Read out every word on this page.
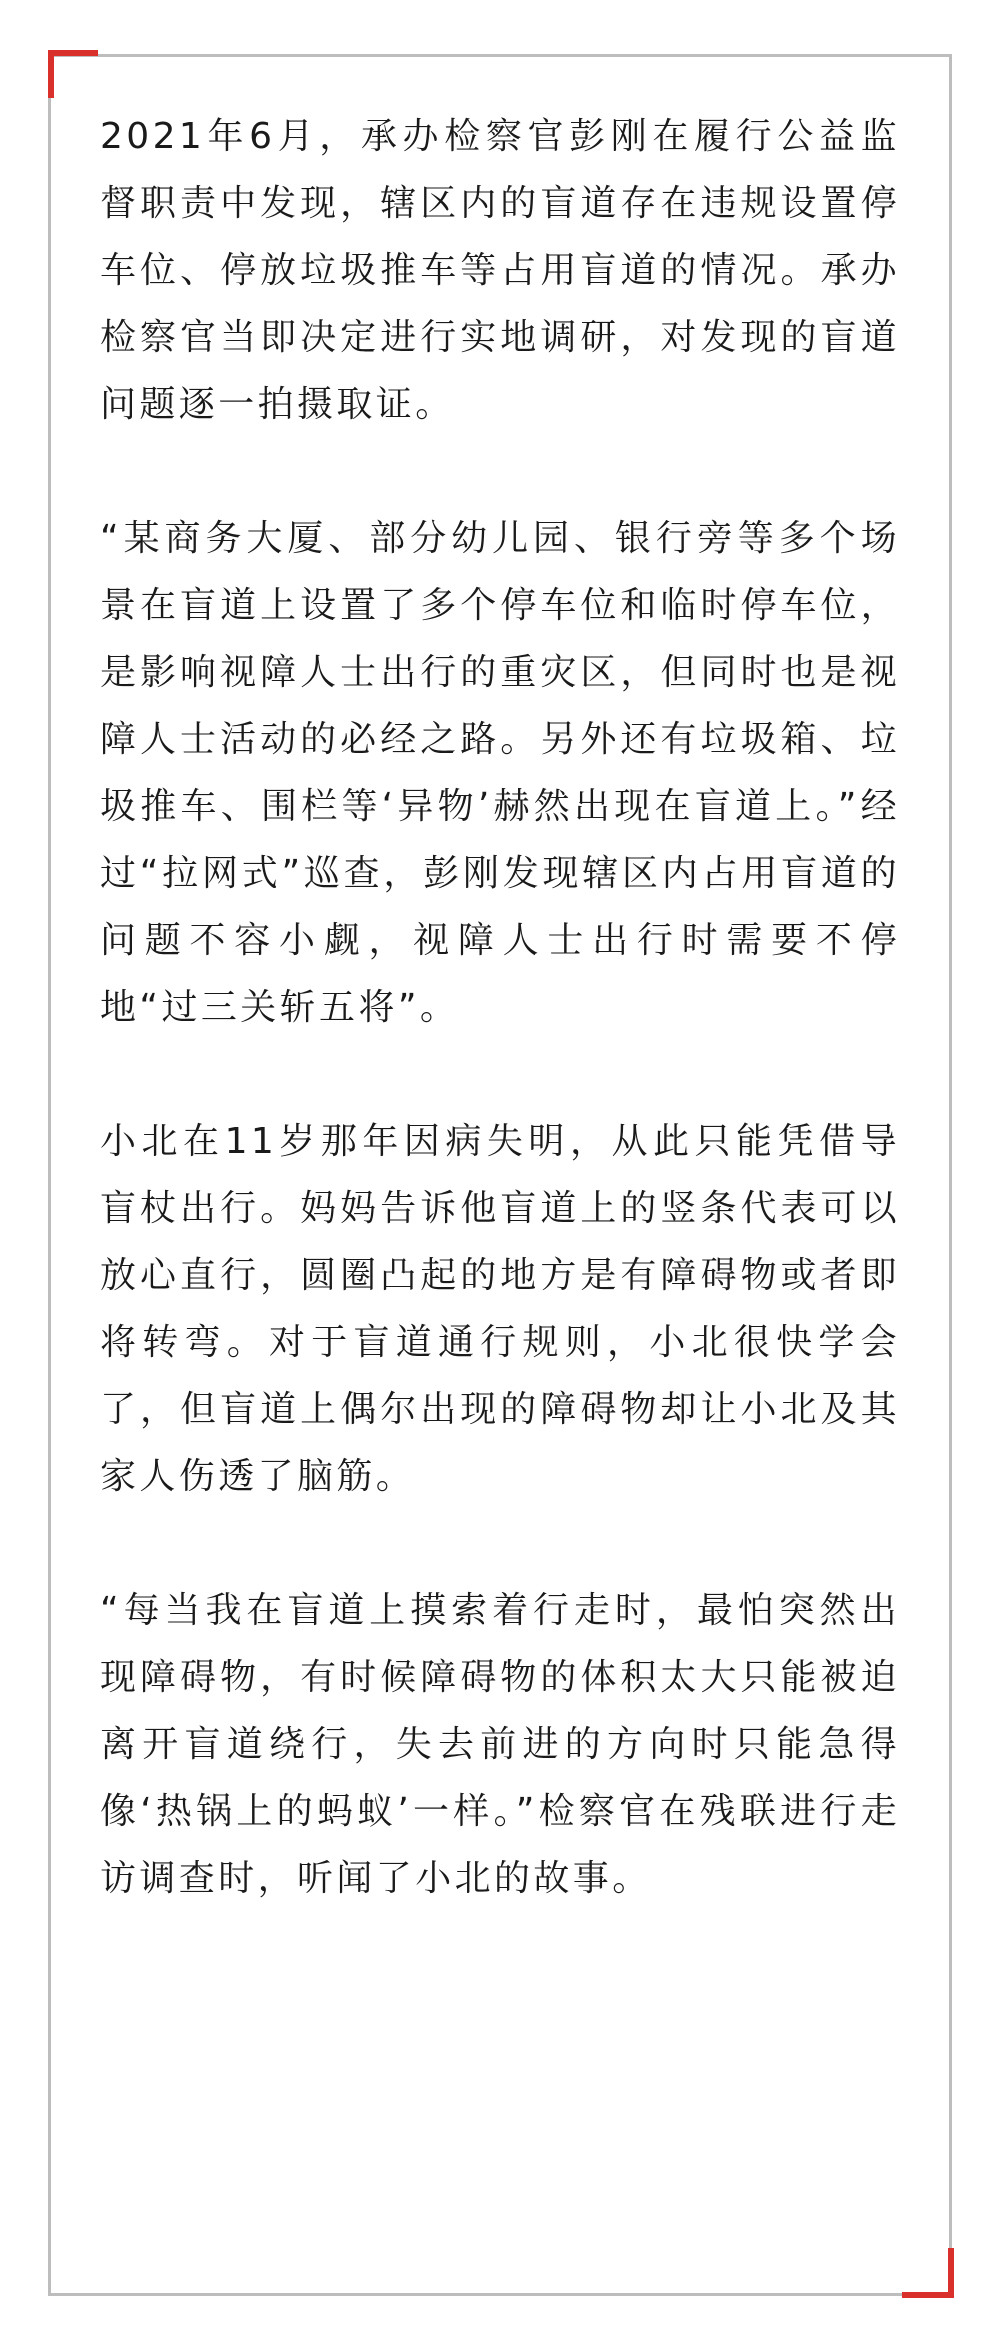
2021年6月，承办检察官彭刚在履行公益监督职责中发现，辖区内的盲道存在违规设置停车位、停放垃圾推车等占用盲道的情况。承办检察官当即决定进行实地调研，对发现的盲道问题逐一拍摄取证。

“某商务大厦、部分幼儿园、银行旁等多个场景在盲道上设置了多个停车位和临时停车位，是影响视障人士出行的重灾区，但同时也是视障人士活动的必经之路。另外还有垃圾箱、垃圾推车、围栏等‘异物’赫然出现在盲道上。”经过“拉网式”巡查，彭刚发现辖区内占用盲道的问题不容小觑，视障人士出行时需要不停地“过三关斩五将”。

小北在11岁那年因病失明，从此只能凭借导盲杖出行。妈妈告诉他盲道上的竖条代表可以放心直行，圆圈凸起的地方是有障碍物或者即将转弯。对于盲道通行规则，小北很快学会了，但盲道上偶尔出现的障碍物却让小北及其家人伤透了脑筋。

“每当我在盲道上摸索着行走时，最怕突然出现障碍物，有时候障碍物的体积太大只能被迫离开盲道绕行，失去前进的方向时只能急得像‘热锅上的蚂蚁’一样。”检察官在残联进行走访调查时，听闻了小北的故事。
